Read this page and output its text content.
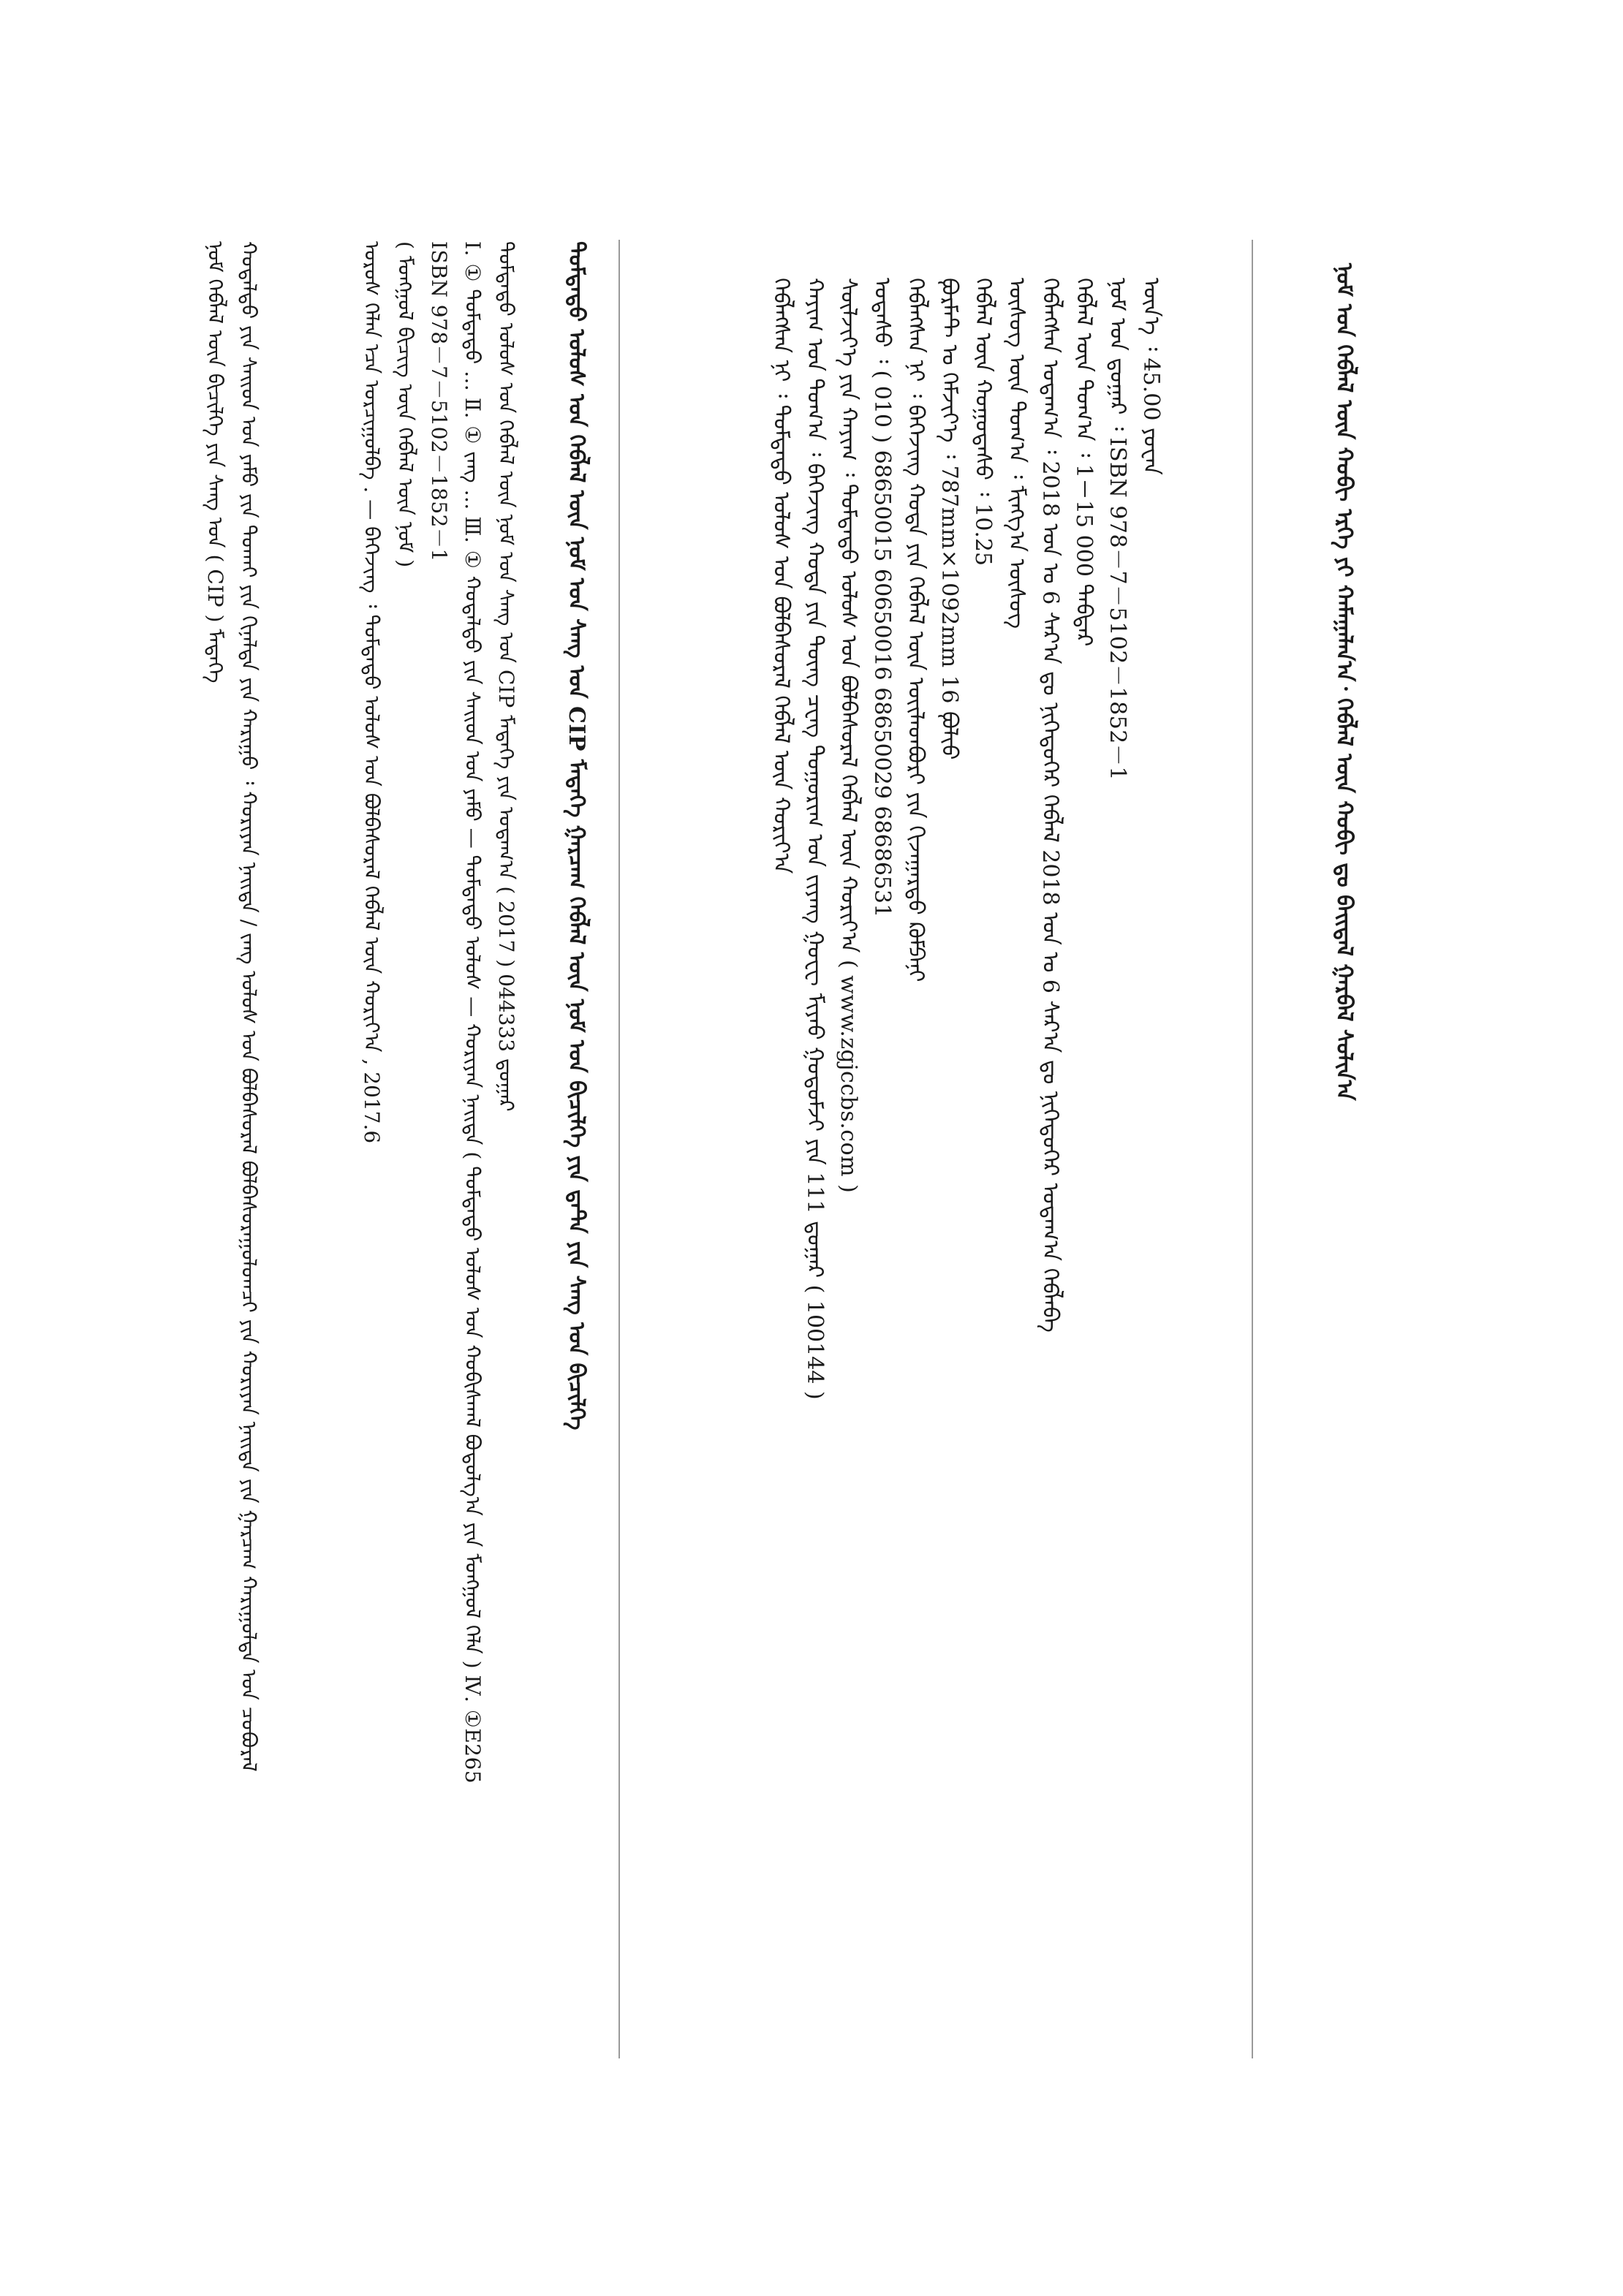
ᠨᠣᠮ ᠤᠨ ᠬᠡᠪᠯᠡᠯ ᠦᠨ ᠬᠤᠪᠢ ᠡᠷᠬᠡ ᠶᠢ ᠬᠠᠮᠠᠭᠠᠯᠠᠨ᠎ᠠ᠂ ᠬᠡᠪᠯᠡᠯ ᠦᠨ ᠬᠤᠪᠢ ᠳᠤ ᠪᠠᠢᠳᠠᠯ ᠭᠠᠷᠪᠠᠯ ᠰᠣᠯᠢᠨ᠎ᠠ
ᠦᠨ᠎ᠡ ᠄ 45.00 ᠶᠤᠸᠠᠨ
ᠨᠣᠮ ᠤᠨ ᠳ᠋ᠤᠭᠠᠷ ᠄ ISBN 978－7－5102－1852－1
ᠬᠡᠪᠯᠡᠯ ᠦᠨ ᠲᠣᠭ᠎ᠠ ᠄ 1－15 000 ᠳᠡᠪᠲᠡᠷ
ᠬᠡᠪᠯᠡᠭᠰᠡᠨ ᠤᠳᠠᠭ᠎ᠠ ᠄ 2018 ᠣᠨ ᠤ 6 ᠰᠠᠷ᠎ᠠ ᠳᠤ ᠨᠢᠭᠡᠳᠦᠭᠡᠷ ᠬᠡᠪᠯᠡᠯ 2018 ᠣᠨ ᠤ 6 ᠰᠠᠷ᠎ᠠ ᠳᠤ ᠨᠢᠭᠡᠳᠦᠭᠡᠷ ᠤᠳᠠᠭ᠎ᠠ ᠬᠡᠪᠯᠡᠪᠡ
ᠦᠰᠦᠭ ᠦᠨ ᠲᠣᠭ᠎ᠠ ᠄ ᠮᠢᠩᠭ᠎ᠠ ᠦᠰᠦᠭ
ᠬᠡᠪᠯᠡᠯ ᠦᠨ ᠬᠤᠭᠤᠳᠠᠰᠤ ᠄ 10.25
ᠹᠣᠷᠮᠠᠲ ᠤ ᠬᠡᠮᠵᠢᠶ᠎ᠡ ᠄ 787mm×1092mm 16 ᠹᠣᠯᠢᠣ
ᠬᠡᠪᠯᠡᠭᠰᠡᠨ ᠨᠢ ᠄ ᠪᠡᠭᠡᠵᠢᠩ ᠬᠣᠲᠠ ᠶᠢᠨ ᠬᠡᠪᠯᠡᠯ ᠦᠨ ᠦᠢᠯᠡᠳᠪᠦᠷᠢ ᠶᠢᠨ ᠬᠢᠵᠠᠭᠠᠷᠲᠤ ᠺᠣᠮᠫᠠᠨᠢ
ᠤᠲᠠᠰᠤ ᠄ ( 010 ) 68650015 60650016 68650029 68686531
ᠰᠦᠯᠵᠢᠶ᠎ᠡ ᠶᠢᠨ ᠬᠠᠶᠢᠭ ᠄ ᠳᠤᠮᠳᠠᠳᠤ ᠤᠯᠤᠰ ᠤᠨ ᠪᠣᠯᠪᠠᠰᠤᠷᠠᠯ ᠬᠡᠪᠯᠡᠯ ᠦᠨ ᠬᠣᠷᠢᠶ᠎ᠠ ( www.zgjccbs.com )
ᠬᠠᠶᠢᠭ ᠤᠨ ᠲᠣᠭ᠎ᠠ ᠄ ᠪᠡᠭᠡᠵᠢᠩ ᠬᠣᠲᠠ ᠶᠢᠨ ᠳᠦᠩ ᠴᠧᠩ ᠲᠣᠭᠣᠷᠢᠭ ᠤᠨ ᠵᠢᠶᠠᠩ ᠭᠤᠸᠧ ᠮᠢᠶᠠᠣ ᠭᠤᠳᠤᠮᠵᠢ ᠶᠢᠨ 111 ᠳ᠋ᠤᠭᠠᠷ ( 100144 )
ᠬᠡᠪᠯᠡᠭᠰᠡᠨ ᠨᠢ ᠄ ᠳᠤᠮᠳᠠᠳᠤ ᠤᠯᠤᠰ ᠤᠨ ᠪᠣᠯᠪᠠᠰᠤᠷᠠᠯ ᠬᠡᠪᠯᠡᠯ ᠦᠨ ᠬᠣᠷᠢᠶ᠎ᠠ
ᠳᠤᠮᠳᠠᠳᠤ ᠤᠯᠤᠰ ᠤᠨ ᠬᠡᠪᠯᠡᠯ ᠦᠨ ᠨᠣᠮ ᠤᠨ ᠰᠠᠩ ᠤᠨ CIP ᠮᠡᠳᠡᠭᠡ ᠭᠠᠷᠴᠠᠭ ᠬᠡᠪᠯᠡᠯ ᠦᠨ ᠨᠣᠮ ᠤᠨ ᠪᠢᠴᠢᠯᠭᠡ ᠶᠢᠨ ᠳ᠋ᠠᠲ᠋ᠠ ᠶᠢᠨ ᠰᠠᠩ ᠤᠨ ᠪᠢᠴᠢᠯᠭᠡ
ᠳᠤᠮᠳᠠᠳᠤ ᠤᠯᠤᠰ ᠤᠨ ᠬᠡᠪᠯᠡᠯ ᠦᠨ ᠨᠣᠮ ᠤᠨ ᠰᠠᠩ ᠤᠨ CIP ᠮᠡᠳᠡᠭᠡ ᠶᠢᠨ ᠤᠳᠠᠭ᠎ᠠ ( 2017 ) 044333 ᠳ᠋ᠤᠭᠠᠷ
Ⅰ. ① ᠳᠤᠮᠳᠠᠳᠤ … Ⅱ. ① ᠵᠠᠩ … Ⅲ. ① ᠬᠣᠳᠠᠯᠳᠤ ᠶᠢᠨ ᠰᠠᠢᠳ ᠤᠨ ᠶᠠᠮᠤ — ᠳᠤᠮᠳᠠᠳᠤ ᠤᠯᠤᠰ — ᠬᠣᠷᠢᠶᠠᠨ ᠨᠡᠢᠲᠡ ( ᠳᠤᠮᠳᠠᠳᠤ ᠤᠯᠤᠰ ᠤᠨ ᠬᠤᠪᠢᠰᠬᠠᠯ ᠪᠣᠳᠤᠯᠭ᠎ᠠ ᠶᠢᠨ ᠮᠣᠩᠭᠣᠯ ᠬᠡᠯᠡ ) Ⅳ. ①E265
ISBN 978－7－5102－1852－1
( ᠮᠣᠩᠭᠣᠯ ᠪᠢᠴᠢᠭ᠌ ᠦᠨ ᠬᠡᠪᠯᠡᠯ ᠦᠨ ᠨᠣᠮ )
ᠤᠷᠤᠰ ᠬᠡᠯᠡᠨ ᠡᠴᠡ ᠣᠷᠴᠢᠭᠤᠯᠪᠠ . — ᠪᠡᠭᠡᠵᠢᠩ ᠄ ᠳᠤᠮᠳᠠᠳᠤ ᠤᠯᠤᠰ ᠤᠨ ᠪᠣᠯᠪᠠᠰᠤᠷᠠᠯ ᠬᠡᠪᠯᠡᠯ ᠦᠨ ᠬᠣᠷᠢᠶ᠎ᠠ , 2017.6
ᠬᠣᠳᠠᠯᠳᠤ ᠶᠢᠨ ᠰᠠᠢᠳ ᠤᠨ ᠶᠠᠮᠤ ᠶᠢᠨ ᠲᠤᠬᠠᠢ ᠶᠢᠨ ᠬᠢᠨᠠᠯᠲᠠ ᠶᠢᠨ ᠬᠠᠷᠢᠭᠤ ᠄ ᠬᠣᠷᠢᠶᠠᠨ ᠨᠡᠢᠲᠡ / ᠵᠠᠩ ᠤᠯᠤᠰ ᠤᠨ ᠪᠣᠯᠪᠠᠰᠤᠷᠠᠯ ᠪᠣᠯᠪᠠᠰᠤᠷᠠᠭᠤᠯᠤᠭᠴᠢ ᠶᠢᠨ ᠬᠣᠷᠢᠶᠠᠨ ᠨᠡᠢᠲᠡ ᠶᠢᠨ ᠭᠠᠷᠴᠠᠭ ᠬᠠᠷᠢᠭᠤᠯᠲᠠ ᠤᠨ ᠴᠤᠪᠤᠷᠠᠯ
ᠨᠣᠮ ᠬᠡᠪᠯᠡᠯ ᠦᠨ ᠪᠢᠴᠢᠯᠭᠡ ᠶᠢᠨ ᠰᠠᠩ ᠤᠨ ( CIP ) ᠮᠡᠳᠡᠭᠡ
